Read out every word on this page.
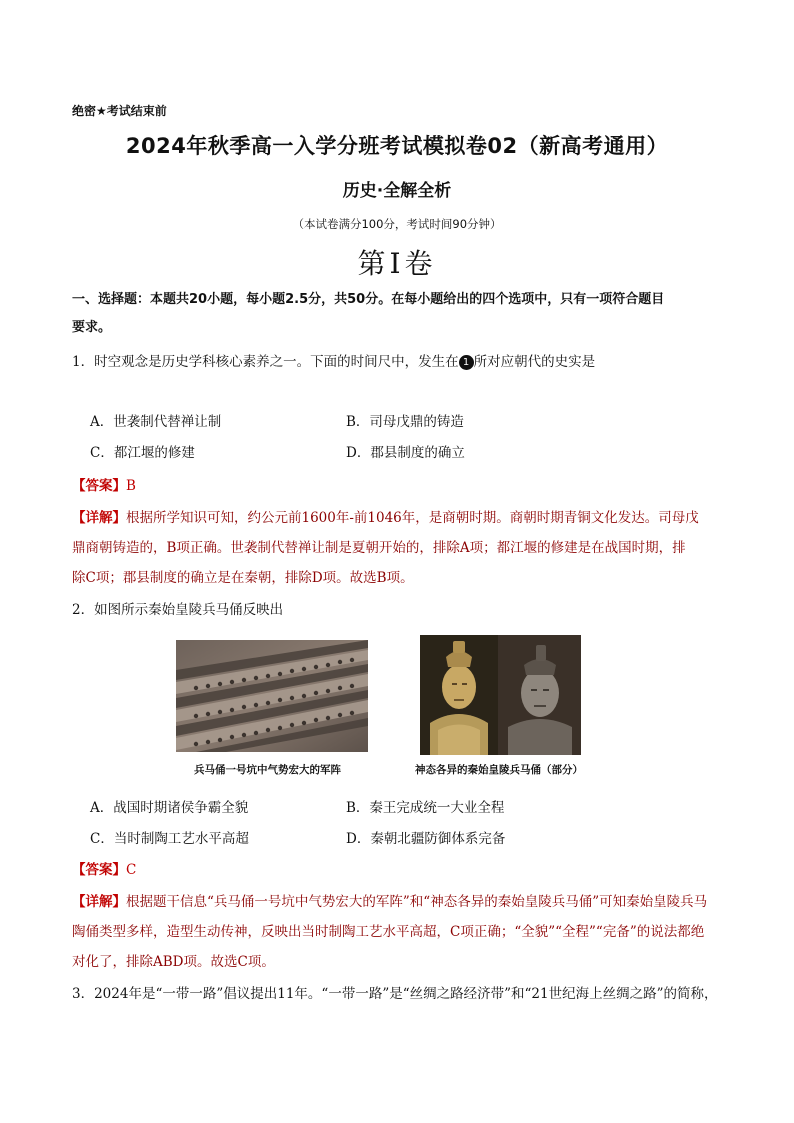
绝密★考试结束前
2024年秋季高一入学分班考试模拟卷02（新高考通用）
历史·全解全析
（本试卷满分100分，考试时间90分钟）
第Ⅰ卷
一、选择题：本题共20小题，每小题2.5分，共50分。在每小题给出的四个选项中，只有一项符合题目
要求。
1．时空观念是历史学科核心素养之一。下面的时间尺中，发生在 1 所对应朝代的史实是
A．世袭制代替禅让制	B．司母戊鼎的铸造
C．都江堰的修建	D．郡县制度的确立
【答案】B
【详解】根据所学知识可知，约公元前1600年-前1046年，是商朝时期。商朝时期青铜文化发达。司母戊
鼎商朝铸造的，B项正确。世袭制代替禅让制是夏朝开始的，排除A项；都江堰的修建是在战国时期，排
除C项；郡县制度的确立是在秦朝，排除D项。故选B项。
2．如图所示秦始皇陵兵马俑反映出
兵马俑一号坑中气势宏大的军阵	神态各异的秦始皇陵兵马俑（部分）
A．战国时期诸侯争霸全貌	B．秦王完成统一大业全程
C．当时制陶工艺水平高超	D．秦朝北疆防御体系完备
【答案】C
【详解】根据题干信息“兵马俑一号坑中气势宏大的军阵”和“神态各异的秦始皇陵兵马俑”可知秦始皇陵兵马
陶俑类型多样，造型生动传神，反映出当时制陶工艺水平高超，C项正确；“全貌”“全程”“完备”的说法都绝
对化了，排除ABD项。故选C项。
3．2024年是“一带一路”倡议提出11年。“一带一路”是“丝绸之路经济带”和“21世纪海上丝绸之路”的简称，
